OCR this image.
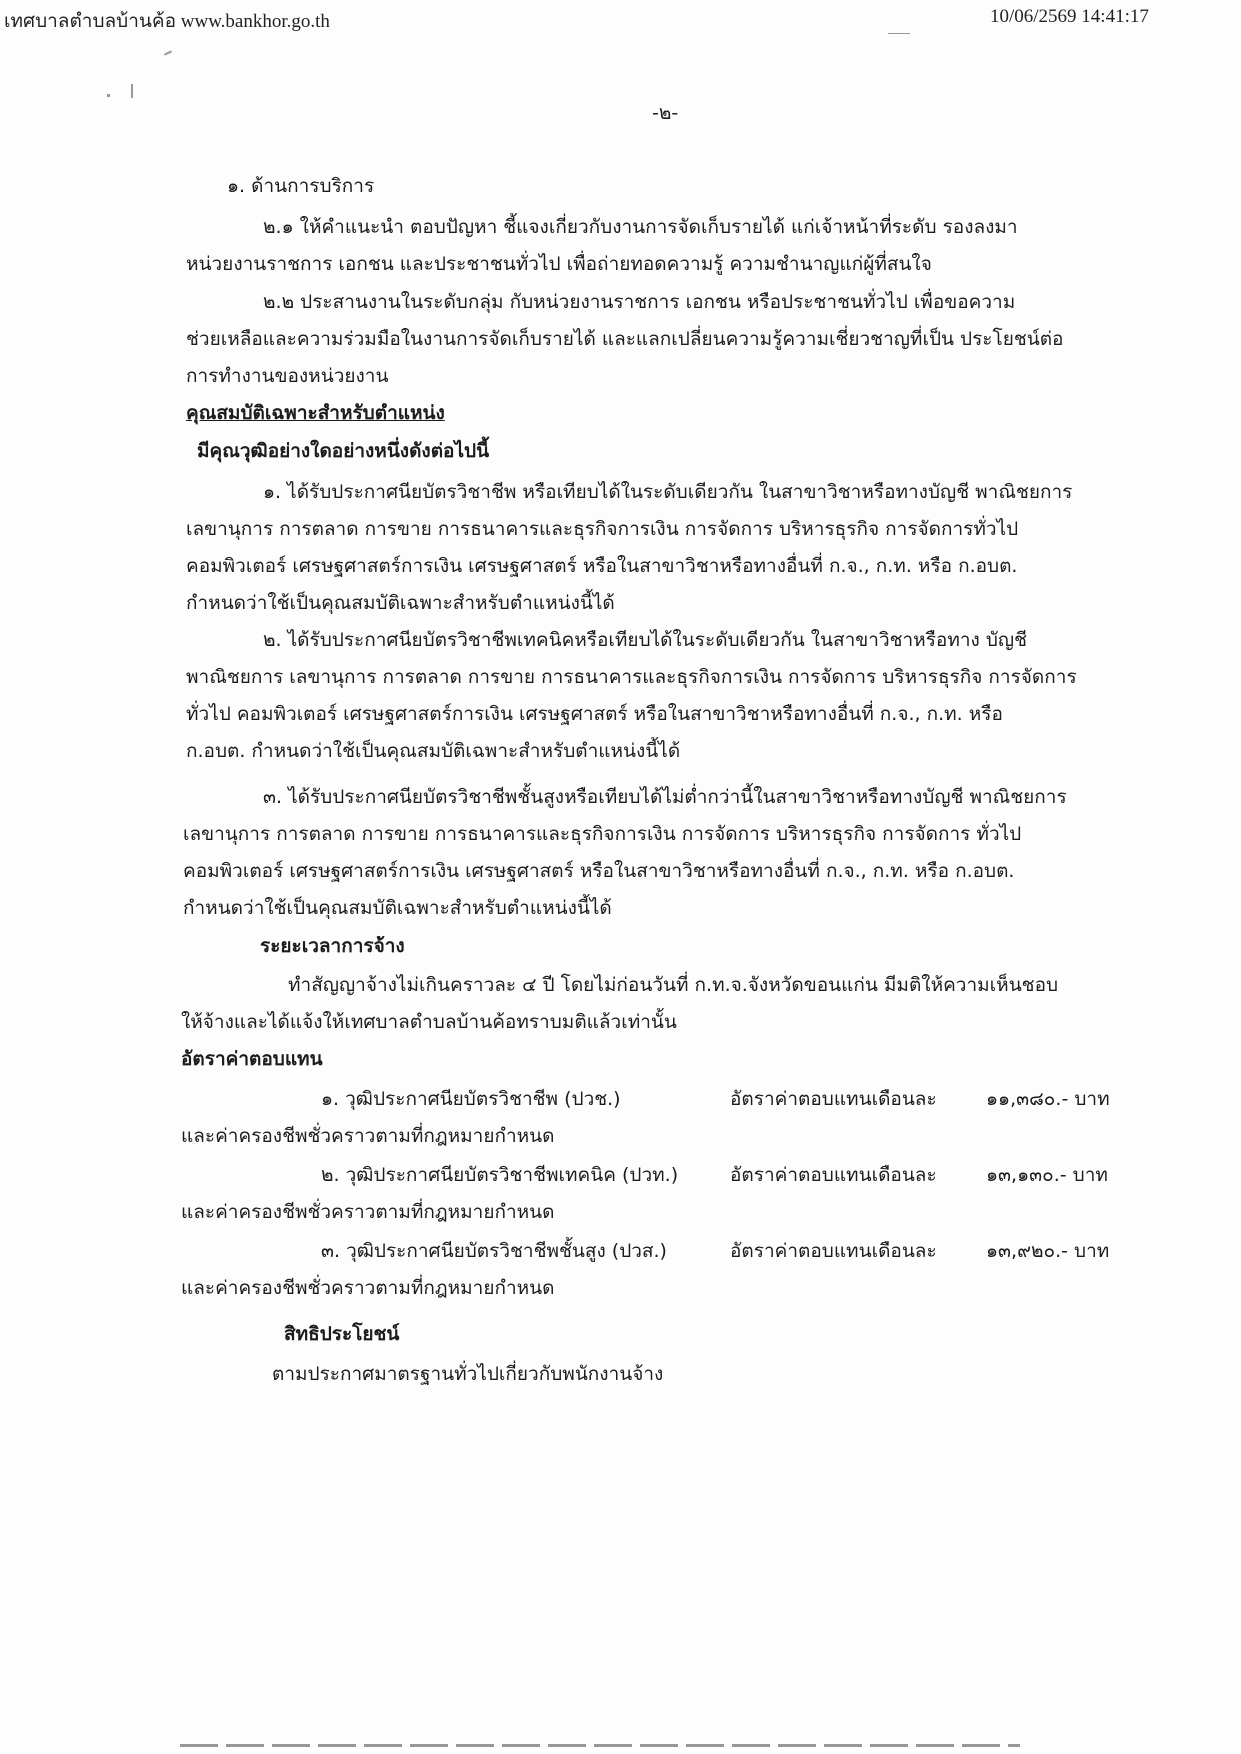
เทศบาลตำบลบ้านค้อ www.bankhor.go.th	10/06/2569 14:41:17
-๒-
๑. ด้านการบริการ
๒.๑ ให้คำแนะนำ ตอบปัญหา ชี้แจงเกี่ยวกับงานการจัดเก็บรายได้ แก่เจ้าหน้าที่ระดับ รองลงมา
หน่วยงานราชการ เอกชน และประชาชนทั่วไป เพื่อถ่ายทอดความรู้ ความชำนาญแก่ผู้ที่สนใจ
๒.๒ ประสานงานในระดับกลุ่ม กับหน่วยงานราชการ เอกชน หรือประชาชนทั่วไป เพื่อขอความ
ช่วยเหลือและความร่วมมือในงานการจัดเก็บรายได้ และแลกเปลี่ยนความรู้ความเชี่ยวชาญที่เป็น ประโยชน์ต่อ
การทำงานของหน่วยงาน
คุณสมบัติเฉพาะสำหรับตำแหน่ง
มีคุณวุฒิอย่างใดอย่างหนึ่งดังต่อไปนี้
๑. ได้รับประกาศนียบัตรวิชาชีพ หรือเทียบได้ในระดับเดียวกัน ในสาขาวิชาหรือทางบัญชี พาณิชยการ
เลขานุการ การตลาด การขาย การธนาคารและธุรกิจการเงิน การจัดการ บริหารธุรกิจ การจัดการทั่วไป
คอมพิวเตอร์ เศรษฐศาสตร์การเงิน เศรษฐศาสตร์ หรือในสาขาวิชาหรือทางอื่นที่ ก.จ., ก.ท. หรือ ก.อบต.
กำหนดว่าใช้เป็นคุณสมบัติเฉพาะสำหรับตำแหน่งนี้ได้
๒. ได้รับประกาศนียบัตรวิชาชีพเทคนิคหรือเทียบได้ในระดับเดียวกัน ในสาขาวิชาหรือทาง บัญชี
พาณิชยการ เลขานุการ การตลาด การขาย การธนาคารและธุรกิจการเงิน การจัดการ บริหารธุรกิจ การจัดการ
ทั่วไป คอมพิวเตอร์ เศรษฐศาสตร์การเงิน เศรษฐศาสตร์ หรือในสาขาวิชาหรือทางอื่นที่ ก.จ., ก.ท. หรือ
ก.อบต. กำหนดว่าใช้เป็นคุณสมบัติเฉพาะสำหรับตำแหน่งนี้ได้
๓. ได้รับประกาศนียบัตรวิชาชีพชั้นสูงหรือเทียบได้ไม่ต่ำกว่านี้ในสาขาวิชาหรือทางบัญชี พาณิชยการ
เลขานุการ การตลาด การขาย การธนาคารและธุรกิจการเงิน การจัดการ บริหารธุรกิจ การจัดการ ทั่วไป
คอมพิวเตอร์ เศรษฐศาสตร์การเงิน เศรษฐศาสตร์ หรือในสาขาวิชาหรือทางอื่นที่ ก.จ., ก.ท. หรือ ก.อบต.
กำหนดว่าใช้เป็นคุณสมบัติเฉพาะสำหรับตำแหน่งนี้ได้
ระยะเวลาการจ้าง
ทำสัญญาจ้างไม่เกินคราวละ ๔ ปี โดยไม่ก่อนวันที่ ก.ท.จ.จังหวัดขอนแก่น มีมติให้ความเห็นชอบ
ให้จ้างและได้แจ้งให้เทศบาลตำบลบ้านค้อทราบมติแล้วเท่านั้น
อัตราค่าตอบแทน
๑. วุฒิประกาศนียบัตรวิชาชีพ (ปวช.)	อัตราค่าตอบแทนเดือนละ	๑๑,๓๘๐.- บาท
และค่าครองชีพชั่วคราวตามที่กฎหมายกำหนด
๒. วุฒิประกาศนียบัตรวิชาชีพเทคนิค (ปวท.)	อัตราค่าตอบแทนเดือนละ	๑๓,๑๓๐.- บาท
และค่าครองชีพชั่วคราวตามที่กฎหมายกำหนด
๓. วุฒิประกาศนียบัตรวิชาชีพชั้นสูง (ปวส.)	อัตราค่าตอบแทนเดือนละ	๑๓,๙๒๐.- บาท
และค่าครองชีพชั่วคราวตามที่กฎหมายกำหนด
สิทธิประโยชน์
ตามประกาศมาตรฐานทั่วไปเกี่ยวกับพนักงานจ้าง
